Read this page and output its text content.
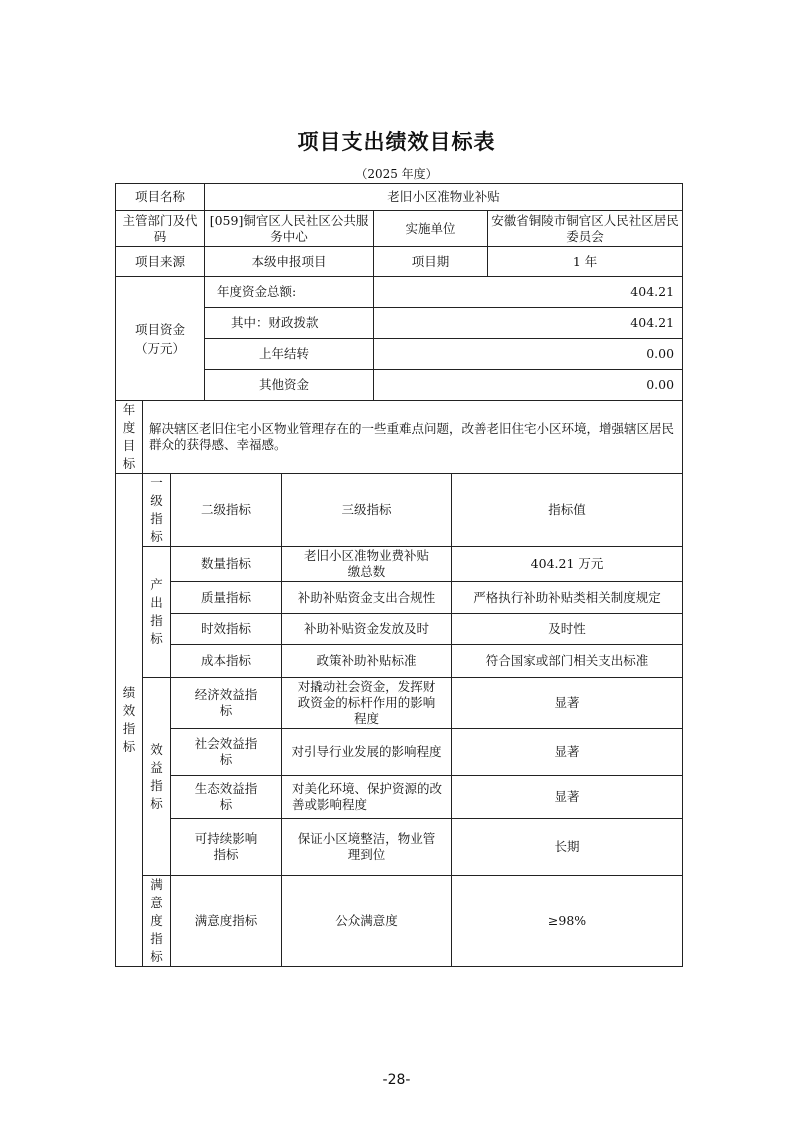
项目支出绩效目标表
（2025 年度）
项目名称			老旧小区准物业补贴				
主管部门及代码			[059]铜官区人民社区公共服务中心		实施单位		安徽省铜陵市铜官区人民社区居民委员会
项目来源			本级申报项目		项目期		1 年

项目资金（万元）			年度资金总额:		404.21		
			其中：财政拨款		404.21		
			上年结转		0.00		
			其他资金		0.00		

年度目标	解决辖区老旧住宅小区物业管理存在的一些重难点问题，改善老旧住宅小区环境，增强辖区居民群众的获得感、幸福感。						

绩效指标	一级指标	二级指标		三级指标		指标值	

	产出指标	数量指标		老旧小区准物业费补贴缴总数		404.21 万元	
		质量指标		补助补贴资金支出合规性		严格执行补助补贴类相关制度规定	
		时效指标		补助补贴资金发放及时		及时性	
		成本指标		政策补助补贴标准		符合国家或部门相关支出标准	

	效益指标	经济效益指标		对撬动社会资金，发挥财政资金的标杆作用的影响程度		显著	
		社会效益指标		对引导行业发展的影响程度		显著	
		生态效益指标		对美化环境、保护资源的改善或影响程度		显著	
		可持续影响指标		保证小区境整洁，物业管理到位		长期	

	满意度指标	满意度指标		公众满意度		≥98%	
-28-
